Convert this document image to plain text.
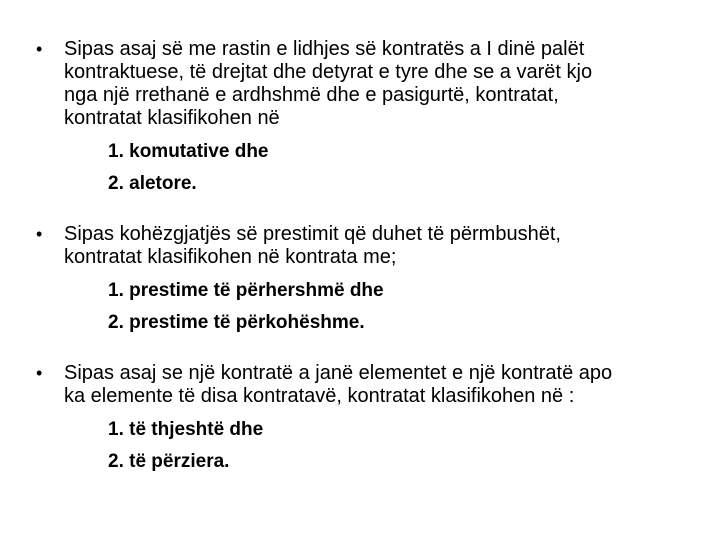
• Sipas asaj së me rastin e lidhjes së kontratës a I dinë palët
kontraktuese, të drejtat dhe detyrat e tyre dhe se a varët kjo
nga një rrethanë e ardhshmë dhe e pasigurtë, kontratat,
kontratat klasifikohen në
1. komutative dhe
2. aletore.
• Sipas kohëzgjatjës së prestimit që duhet të përmbushët,
kontratat klasifikohen në kontrata me;
1. prestime të përhershmë dhe
2. prestime të përkohëshme.
• Sipas asaj se një kontratë a janë elementet e një kontratë apo
ka elemente të disa kontratavë, kontratat klasifikohen në :
1. të thjeshtë dhe
2. të përziera.
